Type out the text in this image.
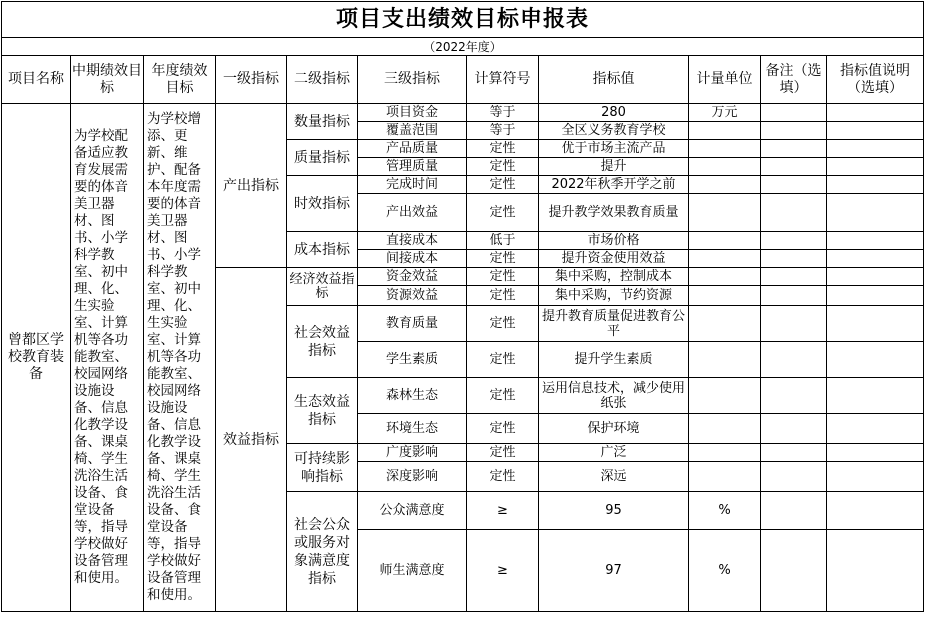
项目支出绩效目标申报表										
（2022年度）										
项目名称	中期绩效目标	年度绩效目标	一级指标	二级指标	三级指标	计算符号	指标值	计量单位	备注（选填）	指标值说明（选填）
曾都区学校教育装备	为学校配备适应教育发展需要的体音美卫器材、图书、小学科学教室、初中理、化、生实验室、计算机等各功能教室、校园网络设施设备、信息化教学设备、课桌椅、学生洗浴生活设备、食堂设备等，指导学校做好设备管理和使用。	为学校增添、更新、维护、配备本年度需要的体音美卫器材、图书、小学科学教室、初中理、化、生实验室、计算机等各功能教室、校园网络设施设备、信息化教学设备、课桌椅、学生洗浴生活设备、食堂设备等，指导学校做好设备管理和使用。	产出指标	数量指标	项目资金	等于	280	万元		
					覆盖范围	等于	全区义务教育学校			
				质量指标	产品质量	定性	优于市场主流产品			
					管理质量	定性	提升			
				时效指标	完成时间	定性	2022年秋季开学之前			
					产出效益	定性	提升教学效果教育质量			
				成本指标	直接成本	低于	市场价格			
					间接成本	定性	提升资金使用效益			
			效益指标	经济效益指标	资金效益	定性	集中采购，控制成本			
					资源效益	定性	集中采购，节约资源			
				社会效益指标	教育质量	定性	提升教育质量促进教育公平			
					学生素质	定性	提升学生素质			
				生态效益指标	森林生态	定性	运用信息技术，减少使用纸张			
					环境生态	定性	保护环境			
				可持续影响指标	广度影响	定性	广泛			
					深度影响	定性	深远			
				社会公众或服务对象满意度指标	公众满意度	≥	95	%		
					师生满意度	≥	97	%		
